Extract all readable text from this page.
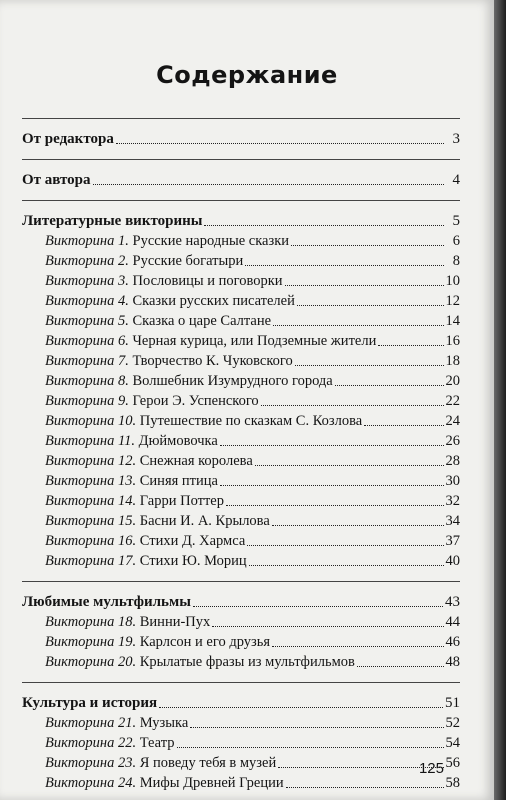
Содержание
От редактора	3
От автора	4
Литературные викторины	5
Викторина 1. Русские народные сказки	6
Викторина 2. Русские богатыри	8
Викторина 3. Пословицы и поговорки	10
Викторина 4. Сказки русских писателей	12
Викторина 5. Сказка о царе Салтане	14
Викторина 6. Черная курица, или Подземные жители	16
Викторина 7. Творчество К. Чуковского	18
Викторина 8. Волшебник Изумрудного города	20
Викторина 9. Герои Э. Успенского	22
Викторина 10. Путешествие по сказкам С. Козлова	24
Викторина 11. Дюймовочка	26
Викторина 12. Снежная королева	28
Викторина 13. Синяя птица	30
Викторина 14. Гарри Поттер	32
Викторина 15. Басни И. А. Крылова	34
Викторина 16. Стихи Д. Хармса	37
Викторина 17. Стихи Ю. Мориц	40
Любимые мультфильмы	43
Викторина 18. Винни-Пух	44
Викторина 19. Карлсон и его друзья	46
Викторина 20. Крылатые фразы из мультфильмов	48
Культура и история	51
Викторина 21. Музыка	52
Викторина 22. Театр	54
Викторина 23. Я поведу тебя в музей	56
Викторина 24. Мифы Древней Греции	58
125
